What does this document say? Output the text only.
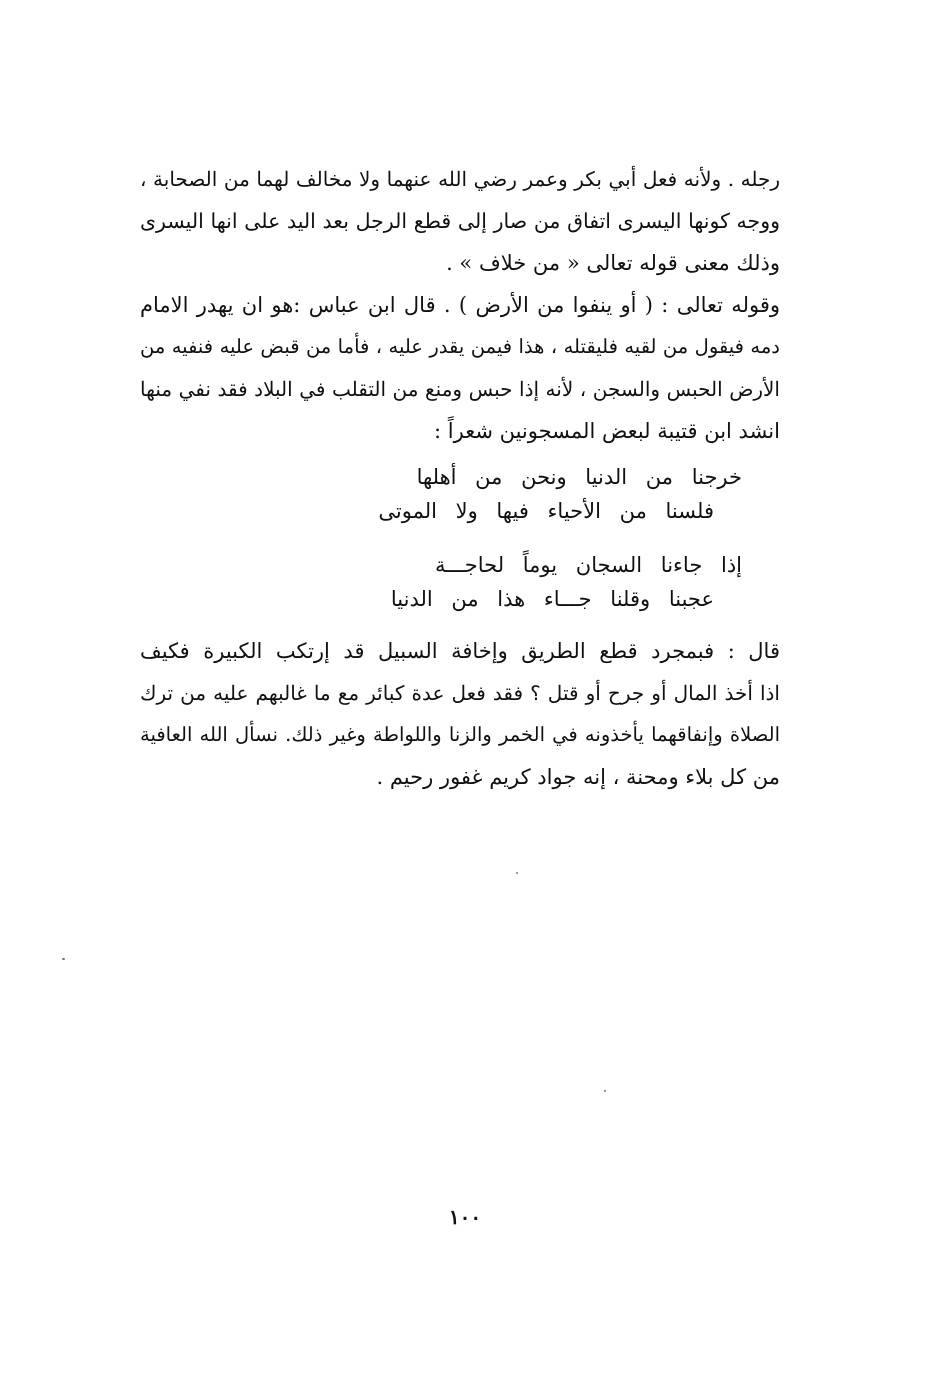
رجله . ولأنه فعل أبي بكر وعمر رضي الله عنهما ولا مخالف لهما من الصحابة ،
ووجه كونها اليسرى اتفاق من صار إلى قطع الرجل بعد اليد على انها اليسرى
وذلك معنى قوله تعالى « من خلاف » .
وقوله تعالى : ( أو ينفوا من الأرض ) . قال ابن عباس :هو ان يهدر الامام
دمه فيقول من لقيه فليقتله ، هذا فيمن يقدر عليه ، فأما من قبض عليه فنفيه من
الأرض الحبس والسجن ، لأنه إذا حبس ومنع من التقلب في البلاد فقد نفي منها
انشد ابن قتيبة لبعض المسجونين شعراً :
خرجنا من الدنيا ونحن من أهلها
فلسنا من الأحياء فيها ولا الموتى
إذا جاءنا السجان يوماً لحاجـــة
عجبنا وقلنا جـــاء هذا من الدنيا
قال : فبمجرد قطع الطريق وإخافة السبيل قد إرتكب الكبيرة فكيف
اذا أخذ المال أو جرح أو قتل ؟ فقد فعل عدة كبائر مع ما غالبهم عليه من ترك
الصلاة وإنفاقهما يأخذونه في الخمر والزنا واللواطة وغير ذلك. نسأل الله العافية
من كل بلاء ومحنة ، إنه جواد كريم غفور رحيم .
١٠٠
